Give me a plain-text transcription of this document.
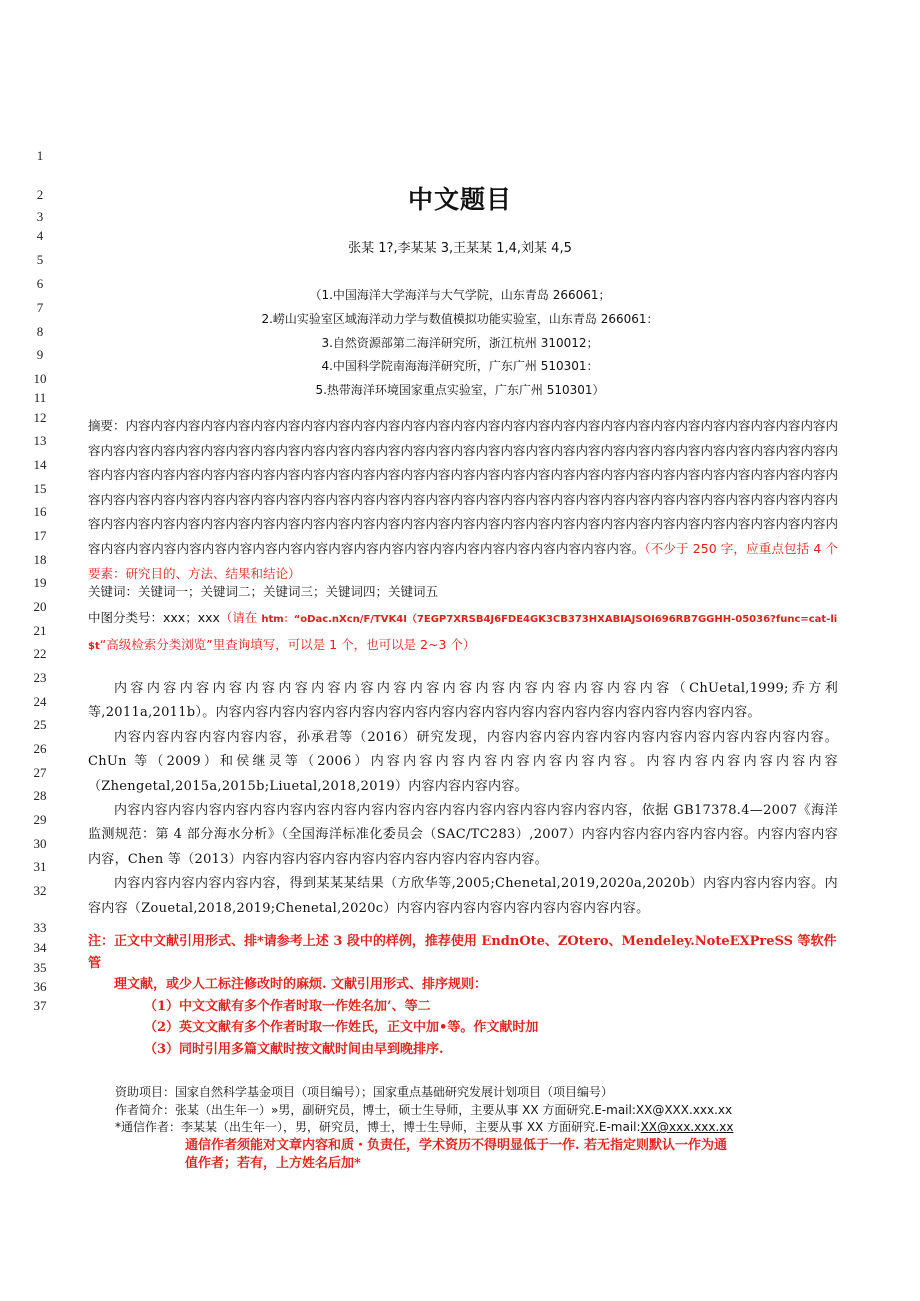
1
2
3
4
5
6
7
8
9
10
11
12
13
14
15
16
17
18
19
20
21
22
23
24
25
26
27
28
29
30
31
32
33
34
35
36
37
中文题目
张某 1?,李某某 3,王某某 1,4,刘某 4,5
（1.中国海洋大学海洋与大气学院，山东青岛 266061；
2.崂山实验室区域海洋动力学与数值模拟功能实验室，山东青岛 266061：
3.自然资源部第二海洋研究所，浙江杭州 310012；
4.中国科学院南海海洋研究所，广东广州 510301：
5.热带海洋环境国家重点实验室，广东广州 510301）
摘要：内容内容内容内容内容内容内容内容内容内容内容内容内容内容内容内容内容内容内容内容内容内容内容内容内容内容内容内容内容内容内容内容内容内容内容内容内容内容内容内容内容内容内容内容内容内容内容内容内容内容内容内容内容内容内容内容内容内容内容内容内容内容内容内容内容内容内容内容内容内容内容内容内容内容内容内容内容内容内容内容内容内容内容内容内容内容内容内容内容内容内容内容内容内容内容内容内容内容内容内容内容内容内容内容内容内容内容内容内容内容内容内容内容内容内容内容内容内容内容内容内容内容内容内容内容内容内容内容内容内容内容内容内容内容内容内容内容内容内容内容内容内容内容内容内容内容内容内容内容内容内容内容内容内容内容内容内容内容内容内容内容内容内容内容内容内容内容内容内容内容。（不少于 250 字，应重点包括 4 个要素：研究目的、方法、结果和结论）
关键词：关键词一；关键词二；关键词三；关键词四；关键词五
中图分类号：xxx；xxx（请在 htm：“oDac.nXcn/F/TVK4I（7EGP7XRSB4J6FDE4GK3CB373HXABIAJSOI696RB7GGHH-05036?func=cat-li$t“高级检索分类浏览”里查询填写，可以是 1 个，也可以是 2~3 个）

内容内容内容内容内容内容内容内容内容内容内容内容内容内容内容内容内容（ChUetal,1999;乔方利等,2011a,2011b）。内容内容内容内容内容内容内容内容内容内容内容内容内容内容内容内容内容内容内容内容。

内容内容内容内容内容内容，孙承君等（2016）研究发现，内容内容内容内容内容内容内容内容内容内容内容内容。ChUn 等（2009）和侯继灵等（2006）内容内容内容内容内容内容内容内容。内容内容内容内容内容内容（Zhengetal,2015a,2015b;Liuetal,2018,2019）内容内容内容内容。

内容内容内容内容内容内容内容内容内容内容内容内容内容内容内容内容内容内容内容，依据 GB17378.4—2007《海洋监测规范：第 4 部分海水分析》（全国海洋标准化委员会（SAC/TC283）,2007）内容内容内容内容内容内容。内容内容内容内容，Chen 等（2013）内容内容内容内容内容内容内容内容内容内容内容。

内容内容内容内容内容内容，得到某某某结果（方欣华等,2005;Chenetal,2019,2020a,2020b）内容内容内容内容。内容内容（Zouetal,2018,2019;Chenetal,2020c）内容内容内容内容内容内容内容内容内容。

注：正文中文献引用形式、排*请参考上述 3 段中的样例，推荐使用 EndnOte、ZOtero、Mendeley.NoteEXPreSS 等软件管
理文献，或少人工标注修改时的麻烦. 文献引用形式、排序规则：
（1）中文文献有多个作者时取一作姓名加’、等二
（2）英文文献有多个作者时取一作姓氏，正文中加•等。作文献时加
（3）同时引用多篇文献时按文献时间由早到晚排序.
资助项目：国家自然科学基金项目（项目编号）；国家重点基础研究发展计划项目（项目编号）
作者简介：张某（出生年一）»男，副研究员，博士，硕士生导师，主要从事 XX 方面研究.E-mail:XX@XXX.xxx.xx
*通信作者：李某某（出生年一），男，研究员，博士，博士生导师，主要从事 XX 方面研究.E-mail:XX@xxx.xxx.xx
通信作者须能对文章内容和质・负责任，学术资历不得明显低于一作. 若无指定则默认一作为通
值作者；若有，上方姓名后加*
